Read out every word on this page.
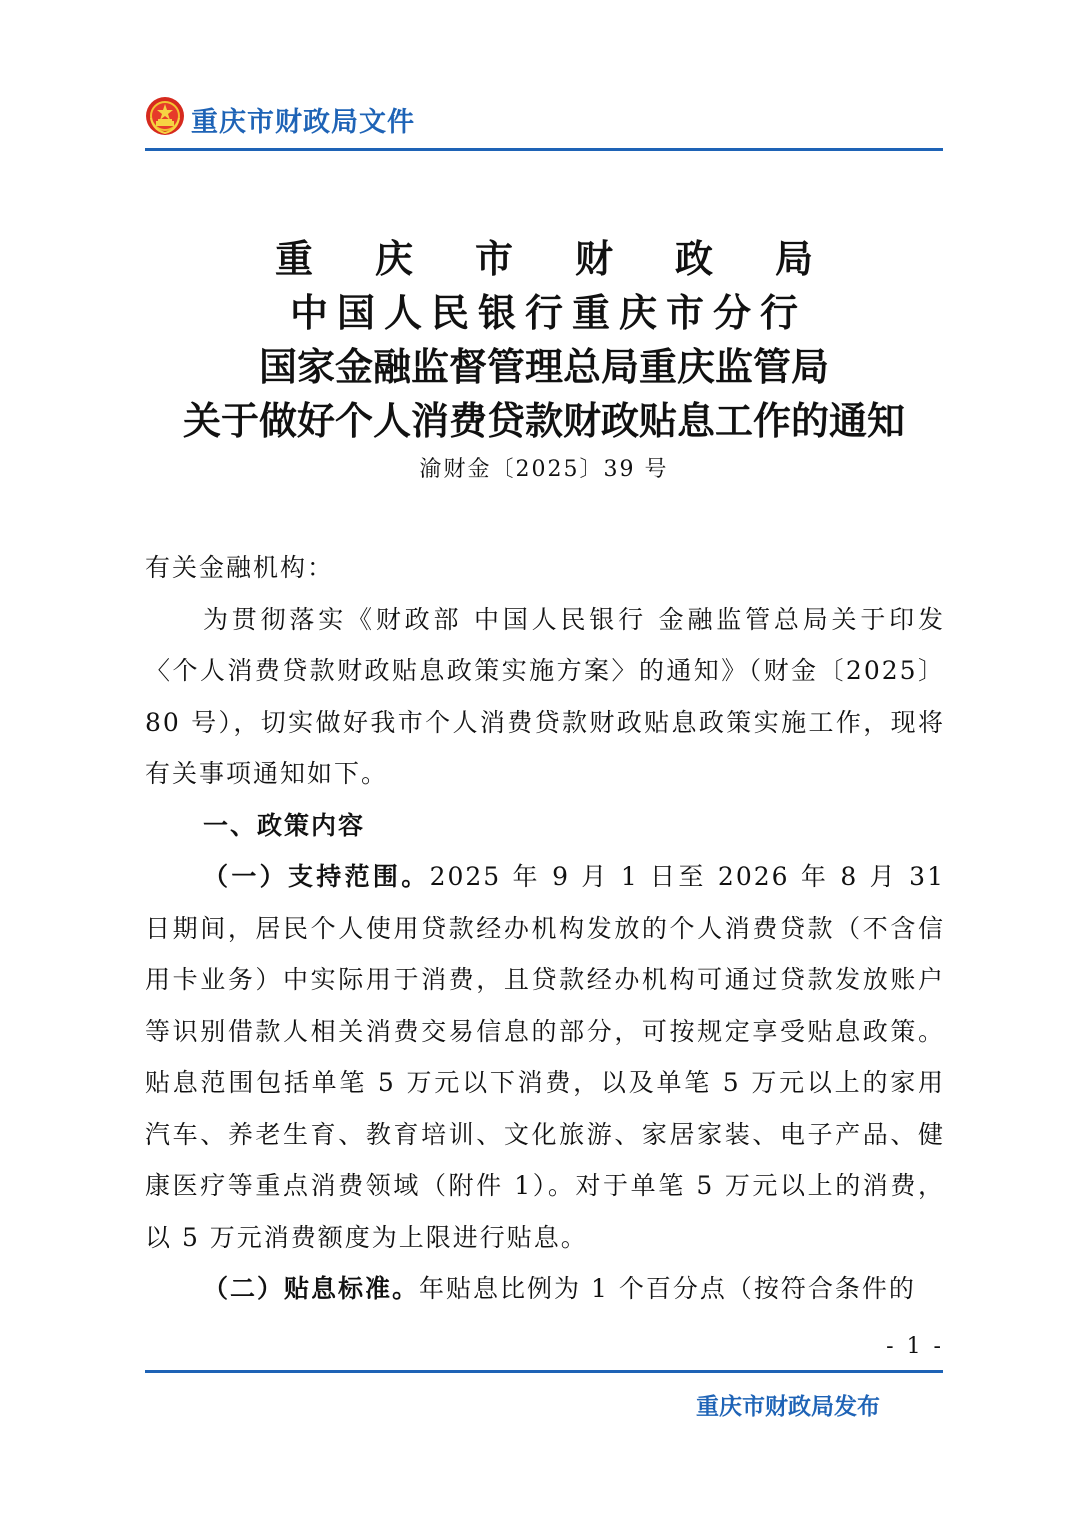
重庆市财政局文件
重庆市财政局
中国人民银行重庆市分行
国家金融监督管理总局重庆监管局
关于做好个人消费贷款财政贴息工作的通知
渝财金〔2025〕39 号

有关金融机构：

为贯彻落实《财政部 中国人民银行 金融监管总局关于印发〈个人消费贷款财政贴息政策实施方案〉的通知》（财金〔2025〕80 号），切实做好我市个人消费贷款财政贴息政策实施工作，现将有关事项通知如下。

一、政策内容

（一）支持范围。2025 年 9 月 1 日至 2026 年 8 月 31 日期间，居民个人使用贷款经办机构发放的个人消费贷款（不含信用卡业务）中实际用于消费，且贷款经办机构可通过贷款发放账户等识别借款人相关消费交易信息的部分，可按规定享受贴息政策。贴息范围包括单笔 5 万元以下消费，以及单笔 5 万元以上的家用汽车、养老生育、教育培训、文化旅游、家居家装、电子产品、健康医疗等重点消费领域（附件 1）。对于单笔 5 万元以上的消费，以 5 万元消费额度为上限进行贴息。

（二）贴息标准。年贴息比例为 1 个百分点（按符合条件的

- 1 -
重庆市财政局发布
